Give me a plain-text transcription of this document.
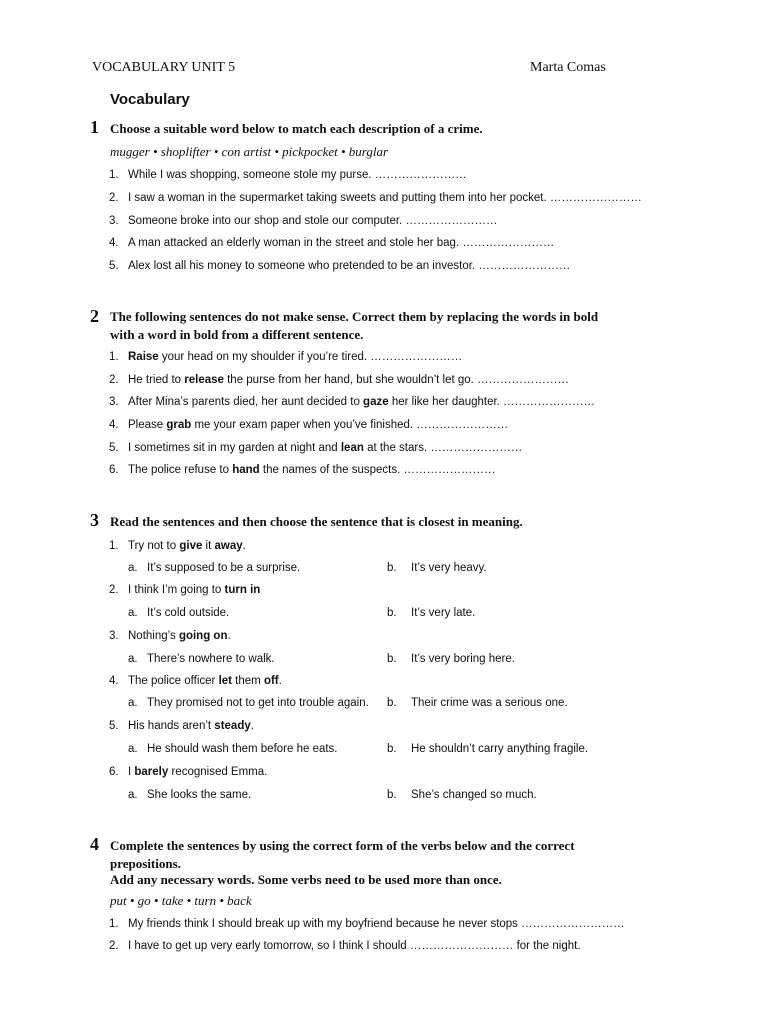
VOCABULARY UNIT 5	Marta Comas
Vocabulary
1 Choose a suitable word below to match each description of a crime.
mugger • shoplifter • con artist • pickpocket • burglar
1. While I was shopping, someone stole my purse. ……………………
2. I saw a woman in the supermarket taking sweets and putting them into her pocket. ……………………
3. Someone broke into our shop and stole our computer. ……………………
4. A man attacked an elderly woman in the street and stole her bag. ……………………
5. Alex lost all his money to someone who pretended to be an investor. ……………………
2 The following sentences do not make sense. Correct them by replacing the words in bold
with a word in bold from a different sentence.
1. Raise your head on my shoulder if you’re tired. ……………………
2. He tried to release the purse from her hand, but she wouldn’t let go. ……………………
3. After Mina’s parents died, her aunt decided to gaze her like her daughter. ……………………
4. Please grab me your exam paper when you’ve finished. ……………………
5. I sometimes sit in my garden at night and lean at the stars. ……………………
6. The police refuse to hand the names of the suspects. ……………………
3 Read the sentences and then choose the sentence that is closest in meaning.
1. Try not to give it away.
a. It’s supposed to be a surprise.	b. It’s very heavy.
2. I think I’m going to turn in
a. It’s cold outside.	b. It’s very late.
3. Nothing’s going on.
a. There’s nowhere to walk.	b. It’s very boring here.
4. The police officer let them off.
a. They promised not to get into trouble again. b. Their crime was a serious one.
5. His hands aren’t steady.
a. He should wash them before he eats.	b. He shouldn’t carry anything fragile.
6. I barely recognised Emma.
a. She looks the same.	b. She’s changed so much.
4 Complete the sentences by using the correct form of the verbs below and the correct
prepositions.
Add any necessary words. Some verbs need to be used more than once.
put • go • take • turn • back
1. My friends think I should break up with my boyfriend because he never stops ………………………
2. I have to get up very early tomorrow, so I think I should ……………………… for the night.
